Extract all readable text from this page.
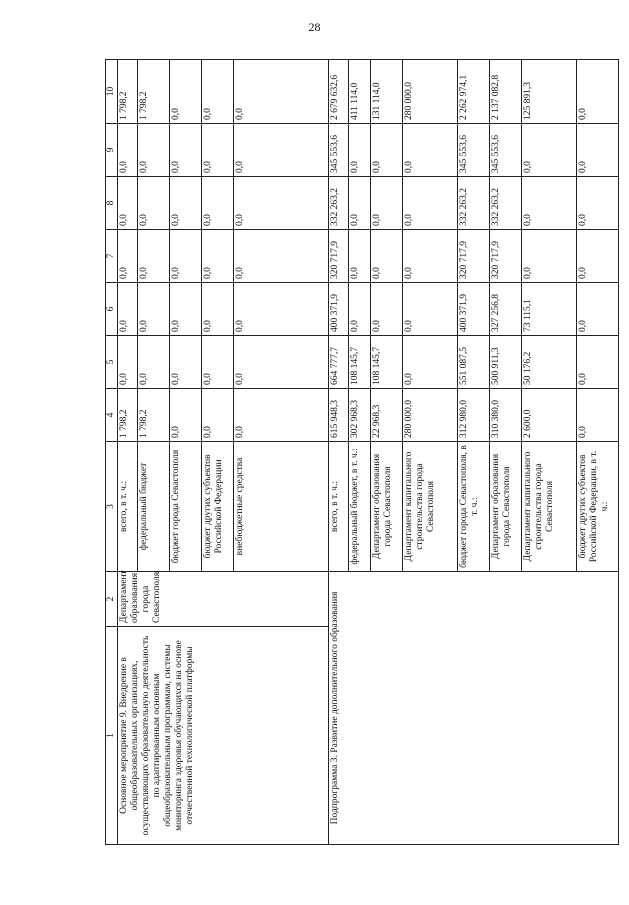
28
1	2	3	4	5	6	7	8	9	10
Основное мероприятие 9. Внедрение в общеобразовательных организациях, осуществляющих образовательную деятельность по адаптированным основным общеобразовательным программам, системы мониторинга здоровья обучающихся на основе отечественной технологической платформы	Департамент образования города Севастополя	всего, в т. ч.:	1 798,2	0,0	0,0	0,0	0,0	0,0	1 798,2
		федеральный бюджет	1 798,2	0,0	0,0	0,0	0,0	0,0	1 798,2
		бюджет города Севастополя	0,0	0,0	0,0	0,0	0,0	0,0	0,0
		бюджет других субъектов Российской Федерации	0,0	0,0	0,0	0,0	0,0	0,0	0,0
		внебюджетные средства	0,0	0,0	0,0	0,0	0,0	0,0	0,0
Подпрограмма 3. Развитие дополнительного образования		всего, в т. ч.:	615 948,3	664 777,7	400 371,9	320 717,9	332 263,2	345 553,6	2 679 632,6
		федеральный бюджет, в т. ч.:	302 968,3	108 145,7	0,0	0,0	0,0	0,0	411 114,0
		Департамент образования города Севастополя	22 968,3	108 145,7	0,0	0,0	0,0	0,0	131 114,0
		Департамент капитального строительства города Севастополя	280 000,0	0,0	0,0	0,0	0,0	0,0	280 000,0
		бюджет города Севастополя, в т. ч.:	312 980,0	551 087,5	400 371,9	320 717,9	332 263,2	345 553,6	2 262 974,1
		Департамент образования города Севастополя	310 380,0	500 911,3	327 256,8	320 717,9	332 263,2	345 553,6	2 137 082,8
		Департамент капитального строительства города Севастополя	2 600,0	50 176,2	73 115,1	0,0	0,0	0,0	125 891,3
		бюджет других субъектов Российской Федерации, в т. ч.:	0,0	0,0	0,0	0,0	0,0	0,0	0,0
